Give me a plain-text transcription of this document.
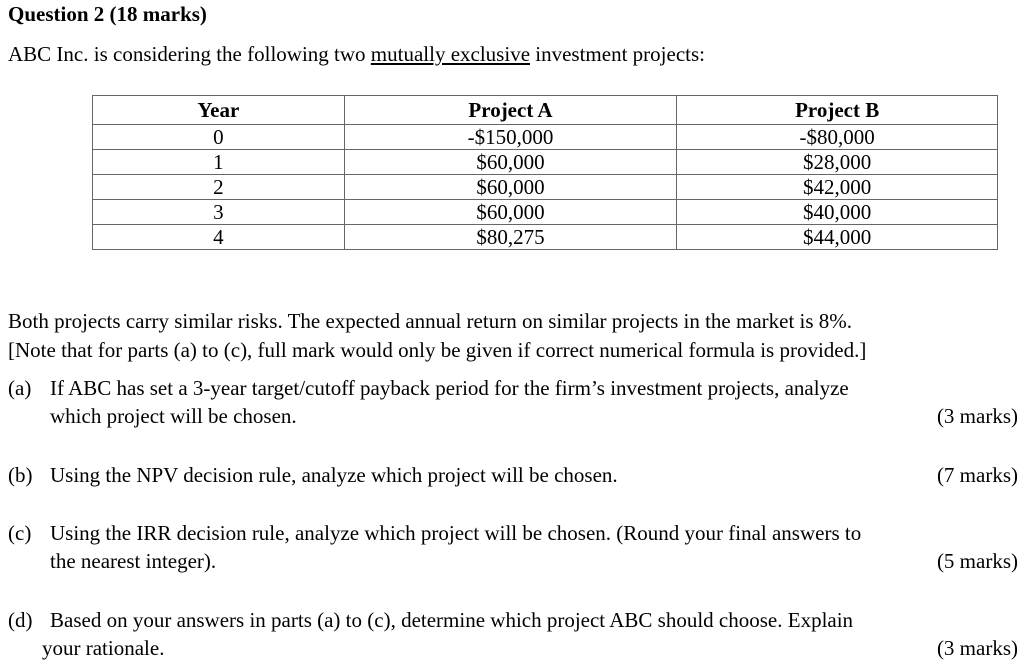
Question 2 (18 marks)
ABC Inc. is considering the following two mutually exclusive investment projects:
Year	Project A	Project B
0	-$150,000	-$80,000
1	$60,000	$28,000
2	$60,000	$42,000
3	$60,000	$40,000
4	$80,275	$44,000
Both projects carry similar risks. The expected annual return on similar projects in the market is 8%.
[Note that for parts (a) to (c), full mark would only be given if correct numerical formula is provided.]
(a) If ABC has set a 3-year target/cutoff payback period for the firm’s investment projects, analyze
which project will be chosen.	(3 marks)
(b) Using the NPV decision rule, analyze which project will be chosen.	(7 marks)
(c) Using the IRR decision rule, analyze which project will be chosen. (Round your final answers to
the nearest integer).	(5 marks)
(d) Based on your answers in parts (a) to (c), determine which project ABC should choose. Explain
your rationale.	(3 marks)
